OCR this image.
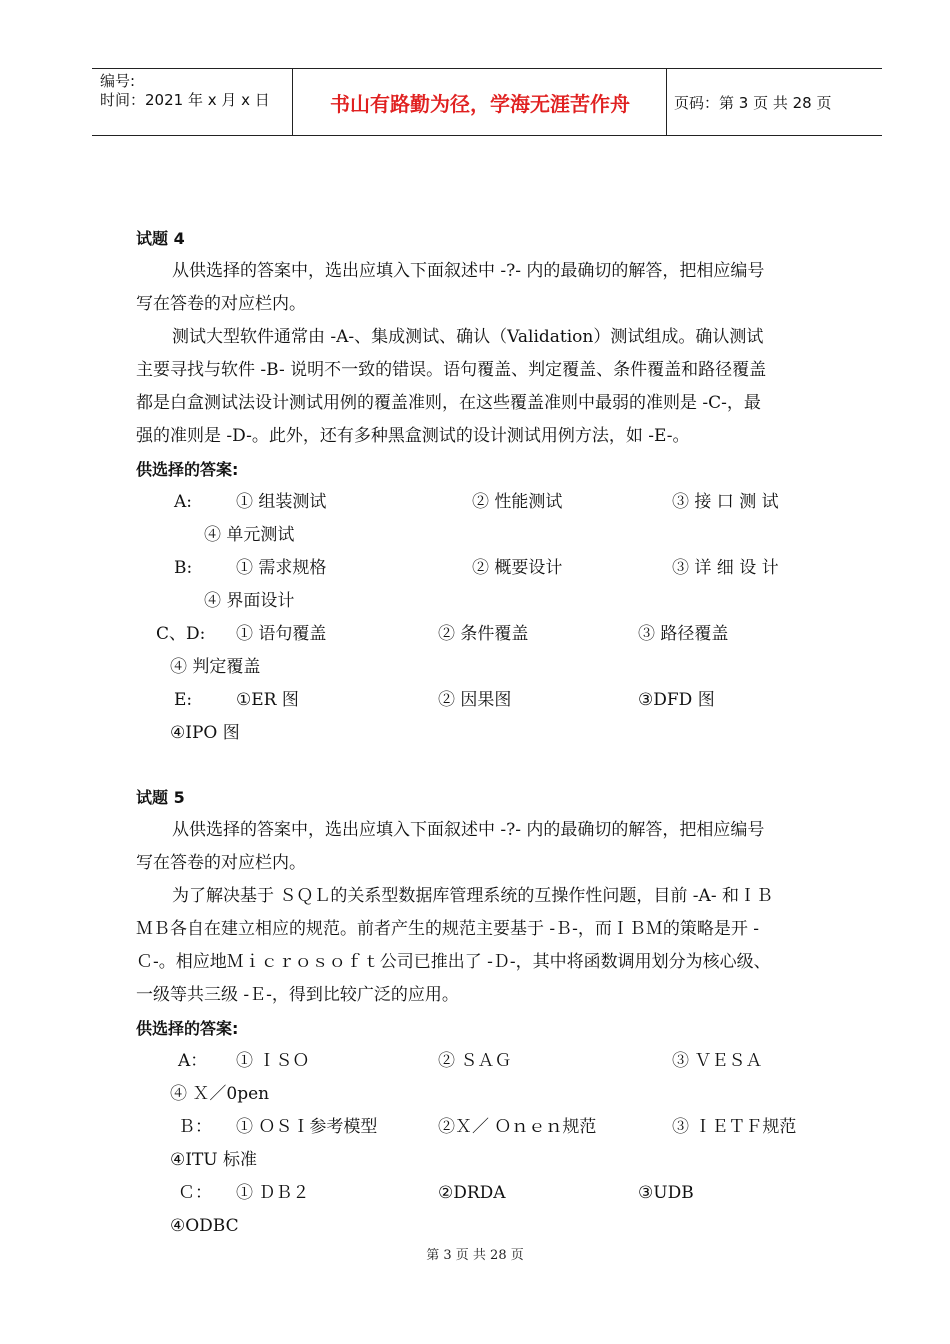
编号:
时间：2021 年 x 月 x 日	书山有路勤为径，学海无涯苦作舟	页码：第 3 页 共 28 页
试题 4
从供选择的答案中，选出应填入下面叙述中 -?- 内的最确切的解答，把相应编号
写在答卷的对应栏内。
测试大型软件通常由 -A-、集成测试、确认（Validation）测试组成。确认测试
主要寻找与软件 -B- 说明不一致的错误。语句覆盖、判定覆盖、条件覆盖和路径覆盖
都是白盒测试法设计测试用例的覆盖准则，在这些覆盖准则中最弱的准则是 -C-，最
强的准则是 -D-。此外，还有多种黑盒测试的设计测试用例方法，如 -E-。
供选择的答案:
A:	① 组装测试	② 性能测试	③ 接 口 测 试
④ 单元测试
B:	① 需求规格	② 概要设计	③ 详 细 设 计
④ 界面设计
C、D: ① 语句覆盖	② 条件覆盖	③ 路径覆盖
④ 判定覆盖
E:	①ER 图	② 因果图	③DFD 图
④IPO 图
试题 5
从供选择的答案中，选出应填入下面叙述中 -?- 内的最确切的解答，把相应编号
写在答卷的对应栏内。
为了解决基于 ＳＱＬ的关系型数据库管理系统的互操作性问题，目前 -A- 和ＩＢ
ＭＢ各自在建立相应的规范。前者产生的规范主要基于 -Ｂ-，而ＩＢＭ的策略是开 -
Ｃ-。相应地Ｍｉｃｒｏｓｏｆｔ公司已推出了 -Ｄ-，其中将函数调用划分为核心级、
一级等共三级 -Ｅ-，得到比较广泛的应用。
供选择的答案:
A： ① ＩＳＯ	② ＳＡＧ	③ ＶＥＳＡ
④ Ｘ／0pen
Ｂ： ① ＯＳＩ参考模型	②Ｘ／ Ｏｎｅｎ规范	③ ＩＥＴＦ规范
④ITU 标准
Ｃ： ① ＤＢ２	②DRDA	③UDB
④ODBC
第 3 页 共 28 页
